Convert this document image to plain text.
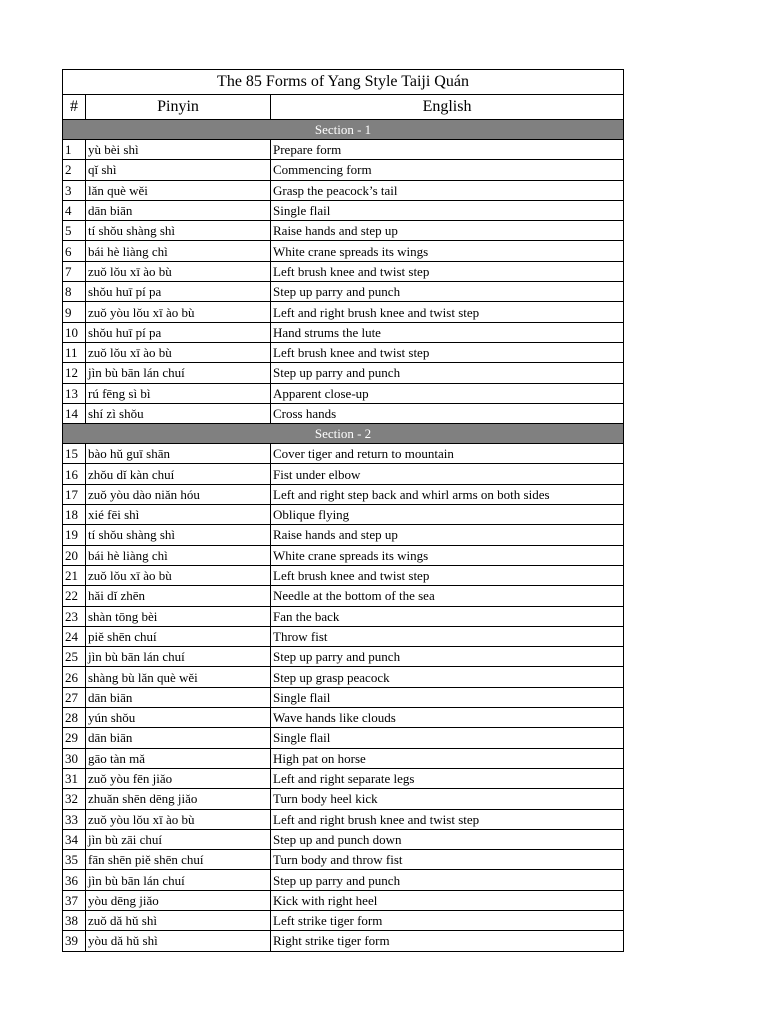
The 85 Forms of Yang Style Taiji Quán		
#	Pinyin	English
Section - 1		
1	yù bèi shì	Prepare form
2	qǐ shì	Commencing form
3	lǎn què wěi	Grasp the peacock’s tail
4	dān biān	Single flail
5	tí shǒu shàng shì	Raise hands and step up
6	bái hè liàng chì	White crane spreads its wings
7	zuǒ lǒu xī ào bù	Left brush knee and twist step
8	shǒu huī pí pa	Step up parry and punch
9	zuǒ yòu lǒu xī ào bù	Left and right brush knee and twist step
10	shǒu huī pí pa	Hand strums the lute
11	zuǒ lǒu xī ào bù	Left brush knee and twist step
12	jìn bù bān lán chuí	Step up parry and punch
13	rú fēng sì bì	Apparent close-up
14	shí zì shǒu	Cross hands
Section - 2		
15	bào hǔ guī shān	Cover tiger and return to mountain
16	zhǒu dǐ kàn chuí	Fist under elbow
17	zuǒ yòu dào niǎn hóu	Left and right step back and whirl arms on both sides
18	xié fēi shì	Oblique flying
19	tí shǒu shàng shì	Raise hands and step up
20	bái hè liàng chì	White crane spreads its wings
21	zuǒ lǒu xī ào bù	Left brush knee and twist step
22	hǎi dǐ zhēn	Needle at the bottom of the sea
23	shàn tōng bèi	Fan the back
24	piě shēn chuí	Throw fist
25	jìn bù bān lán chuí	Step up parry and punch
26	shàng bù lǎn què wěi	Step up grasp peacock
27	dān biān	Single flail
28	yún shǒu	Wave hands like clouds
29	dān biān	Single flail
30	gāo tàn mǎ	High pat on horse
31	zuǒ yòu fēn jiǎo	Left and right separate legs
32	zhuǎn shēn dēng jiǎo	Turn body heel kick
33	zuǒ yòu lǒu xī ào bù	Left and right brush knee and twist step
34	jìn bù zāi chuí	Step up and punch down
35	fān shēn piě shēn chuí	Turn body and throw fist
36	jìn bù bān lán chuí	Step up parry and punch
37	yòu dēng jiǎo	Kick with right heel
38	zuǒ dǎ hǔ shì	Left strike tiger form
39	yòu dǎ hǔ shì	Right strike tiger form
